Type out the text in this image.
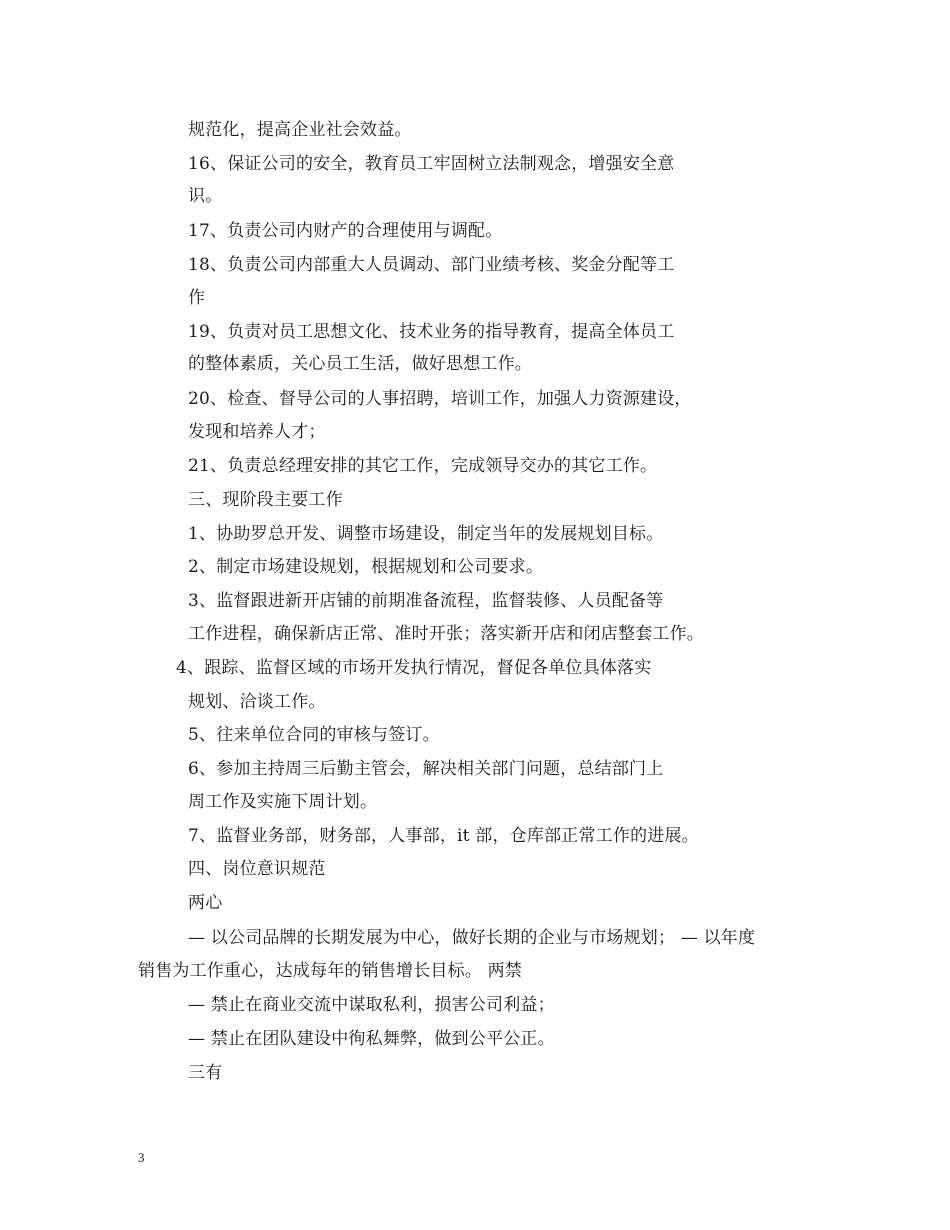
规范化，提高企业社会效益。
16、保证公司的安全，教育员工牢固树立法制观念，增强安全意
识。
17、负责公司内财产的合理使用与调配。
18、负责公司内部重大人员调动、部门业绩考核、奖金分配等工
作
19、负责对员工思想文化、技术业务的指导教育，提高全体员工
的整体素质，关心员工生活，做好思想工作。
20、检查、督导公司的人事招聘，培训工作，加强人力资源建设，
发现和培养人才；
21、负责总经理安排的其它工作，完成领导交办的其它工作。
三、现阶段主要工作
1、协助罗总开发、调整市场建设，制定当年的发展规划目标。
2、制定市场建设规划，根据规划和公司要求。
3、监督跟进新开店铺的前期准备流程，监督装修、人员配备等
工作进程，确保新店正常、准时开张；落实新开店和闭店整套工作。
4、跟踪、监督区域的市场开发执行情况，督促各单位具体落实
规划、洽谈工作。
5、往来单位合同的审核与签订。
6、参加主持周三后勤主管会，解决相关部门问题，总结部门上
周工作及实施下周计划。
7、监督业务部，财务部，人事部，it 部，仓库部正常工作的进展。
四、岗位意识规范
两心
— 以公司品牌的长期发展为中心，做好长期的企业与市场规划； — 以年度
销售为工作重心，达成每年的销售增长目标。 两禁
— 禁止在商业交流中谋取私利，损害公司利益；
— 禁止在团队建设中徇私舞弊，做到公平公正。
三有
3
